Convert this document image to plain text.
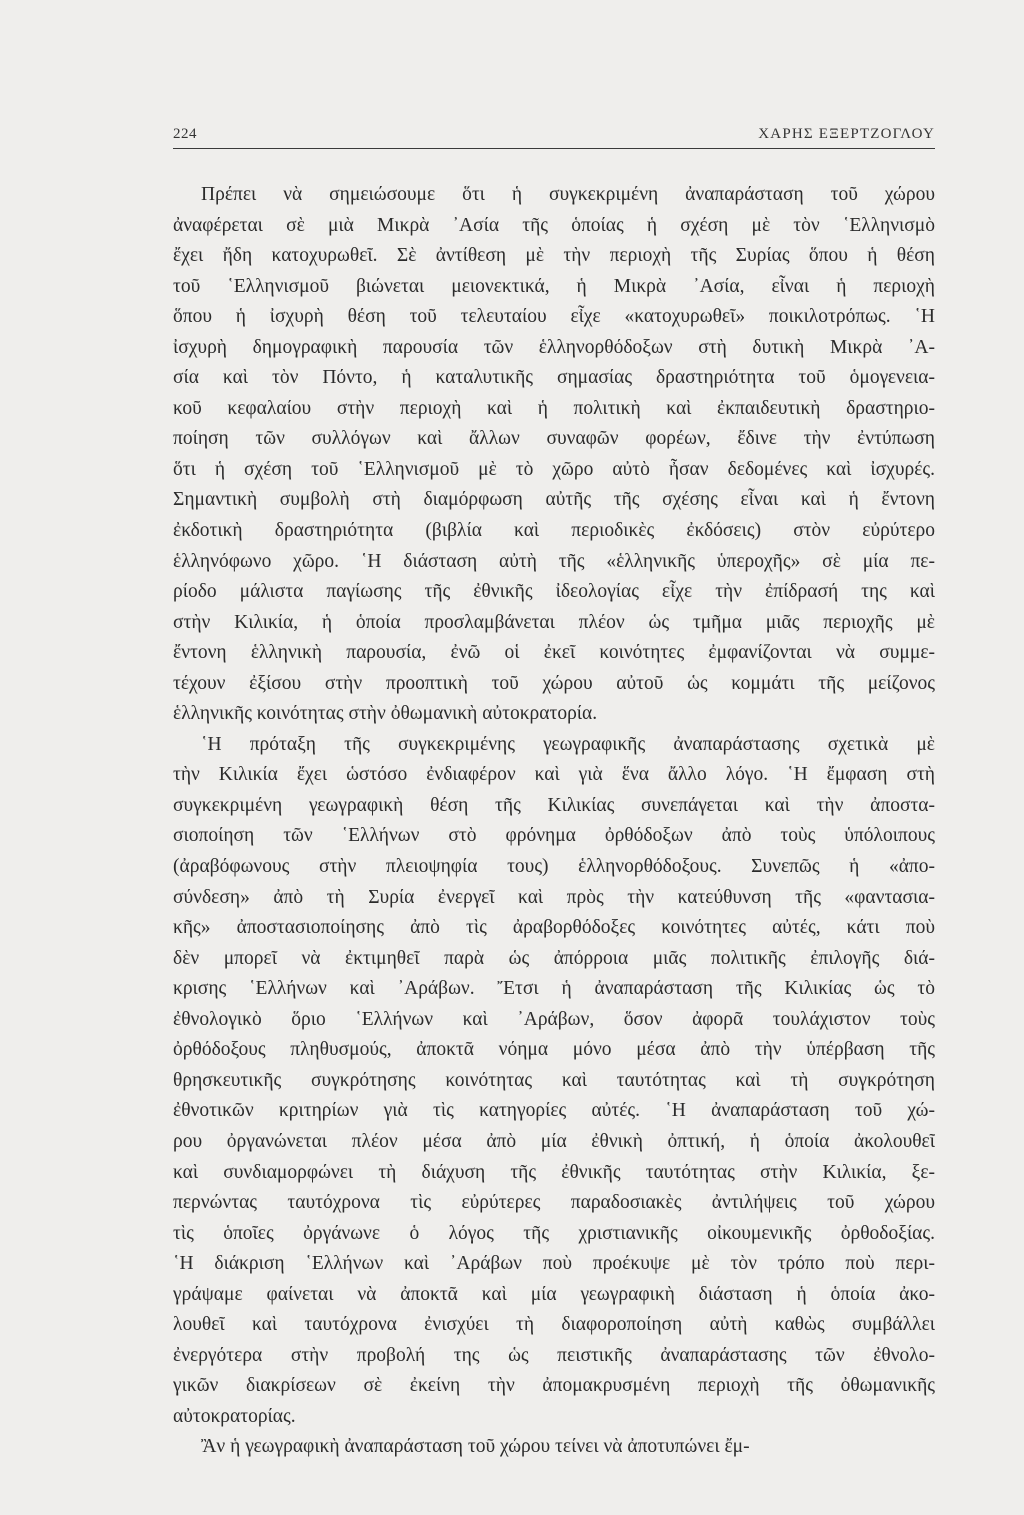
224	ΧΑΡΗΣ ΕΞΕΡΤΖΟΓΛΟΥ
Πρέπει νὰ σημειώσουμε ὅτι ἡ συγκεκριμένη ἀναπαράσταση τοῦ χώρου
ἀναφέρεται σὲ μιὰ Μικρὰ ᾿Ασία τῆς ὁποίας ἡ σχέση μὲ τὸν ῾Ελληνισμὸ
ἔχει ἤδη κατοχυρωθεῖ. Σὲ ἀντίθεση μὲ τὴν περιοχὴ τῆς Συρίας ὅπου ἡ θέση
τοῦ ῾Ελληνισμοῦ βιώνεται μειονεκτικά, ἡ Μικρὰ ᾿Ασία, εἶναι ἡ περιοχὴ
ὅπου ἡ ἰσχυρὴ θέση τοῦ τελευταίου εἶχε «κατοχυρωθεῖ» ποικιλοτρόπως. ῾Η
ἰσχυρὴ δημογραφικὴ παρουσία τῶν ἑλληνορθόδοξων στὴ δυτικὴ Μικρὰ ᾿Α-
σία καὶ τὸν Πόντο, ἡ καταλυτικῆς σημασίας δραστηριότητα τοῦ ὁμογενεια-
κοῦ κεφαλαίου στὴν περιοχὴ καὶ ἡ πολιτικὴ καὶ ἐκπαιδευτικὴ δραστηριο-
ποίηση τῶν συλλόγων καὶ ἄλλων συναφῶν φορέων, ἔδινε τὴν ἐντύπωση
ὅτι ἡ σχέση τοῦ ῾Ελληνισμοῦ μὲ τὸ χῶρο αὐτὸ ἦσαν δεδομένες καὶ ἰσχυρές.
Σημαντικὴ συμβολὴ στὴ διαμόρφωση αὐτῆς τῆς σχέσης εἶναι καὶ ἡ ἔντονη
ἐκδοτικὴ δραστηριότητα (βιβλία καὶ περιοδικὲς ἐκδόσεις) στὸν εὐρύτερο
ἑλληνόφωνο χῶρο. ῾Η διάσταση αὐτὴ τῆς «ἑλληνικῆς ὑπεροχῆς» σὲ μία πε-
ρίοδο μάλιστα παγίωσης τῆς ἐθνικῆς ἰδεολογίας εἶχε τὴν ἐπίδρασή της καὶ
στὴν Κιλικία, ἡ ὁποία προσλαμβάνεται πλέον ὡς τμῆμα μιᾶς περιοχῆς μὲ
ἔντονη ἑλληνικὴ παρουσία, ἐνῶ οἱ ἐκεῖ κοινότητες ἐμφανίζονται νὰ συμμε-
τέχουν ἐξίσου στὴν προοπτικὴ τοῦ χώρου αὐτοῦ ὡς κομμάτι τῆς μείζονος
ἑλληνικῆς κοινότητας στὴν ὀθωμανικὴ αὐτοκρατορία.
῾Η πρόταξη τῆς συγκεκριμένης γεωγραφικῆς ἀναπαράστασης σχετικὰ μὲ
τὴν Κιλικία ἔχει ὡστόσο ἐνδιαφέρον καὶ γιὰ ἕνα ἄλλο λόγο. ῾Η ἔμφαση στὴ
συγκεκριμένη γεωγραφικὴ θέση τῆς Κιλικίας συνεπάγεται καὶ τὴν ἀποστα-
σιοποίηση τῶν ῾Ελλήνων στὸ φρόνημα ὀρθόδοξων ἀπὸ τοὺς ὑπόλοιπους
(ἀραβόφωνους στὴν πλειοψηφία τους) ἑλληνορθόδοξους. Συνεπῶς ἡ «ἀπο-
σύνδεση» ἀπὸ τὴ Συρία ἐνεργεῖ καὶ πρὸς τὴν κατεύθυνση τῆς «φαντασια-
κῆς» ἀποστασιοποίησης ἀπὸ τὶς ἀραβορθόδοξες κοινότητες αὐτές, κάτι ποὺ
δὲν μπορεῖ νὰ ἐκτιμηθεῖ παρὰ ὡς ἀπόρροια μιᾶς πολιτικῆς ἐπιλογῆς διά-
κρισης ῾Ελλήνων καὶ ᾿Αράβων. Ἔτσι ἡ ἀναπαράσταση τῆς Κιλικίας ὡς τὸ
ἐθνολογικὸ ὅριο ῾Ελλήνων καὶ ᾿Αράβων, ὅσον ἀφορᾶ τουλάχιστον τοὺς
ὀρθόδοξους πληθυσμούς, ἀποκτᾶ νόημα μόνο μέσα ἀπὸ τὴν ὑπέρβαση τῆς
θρησκευτικῆς συγκρότησης κοινότητας καὶ ταυτότητας καὶ τὴ συγκρότηση
ἐθνοτικῶν κριτηρίων γιὰ τὶς κατηγορίες αὐτές. ῾Η ἀναπαράσταση τοῦ χώ-
ρου ὀργανώνεται πλέον μέσα ἀπὸ μία ἐθνικὴ ὀπτική, ἡ ὁποία ἀκολουθεῖ
καὶ συνδιαμορφώνει τὴ διάχυση τῆς ἐθνικῆς ταυτότητας στὴν Κιλικία, ξε-
περνώντας ταυτόχρονα τὶς εὐρύτερες παραδοσιακὲς ἀντιλήψεις τοῦ χώρου
τὶς ὁποῖες ὀργάνωνε ὁ λόγος τῆς χριστιανικῆς οἰκουμενικῆς ὀρθοδοξίας.
῾Η διάκριση ῾Ελλήνων καὶ ᾿Αράβων ποὺ προέκυψε μὲ τὸν τρόπο ποὺ περι-
γράψαμε φαίνεται νὰ ἀποκτᾶ καὶ μία γεωγραφικὴ διάσταση ἡ ὁποία ἀκο-
λουθεῖ καὶ ταυτόχρονα ἐνισχύει τὴ διαφοροποίηση αὐτὴ καθὼς συμβάλλει
ἐνεργότερα στὴν προβολή της ὡς πειστικῆς ἀναπαράστασης τῶν ἐθνολο-
γικῶν διακρίσεων σὲ ἐκείνη τὴν ἀπομακρυσμένη περιοχὴ τῆς ὀθωμανικῆς
αὐτοκρατορίας.
Ἂν ἡ γεωγραφικὴ ἀναπαράσταση τοῦ χώρου τείνει νὰ ἀποτυπώνει ἔμ-
